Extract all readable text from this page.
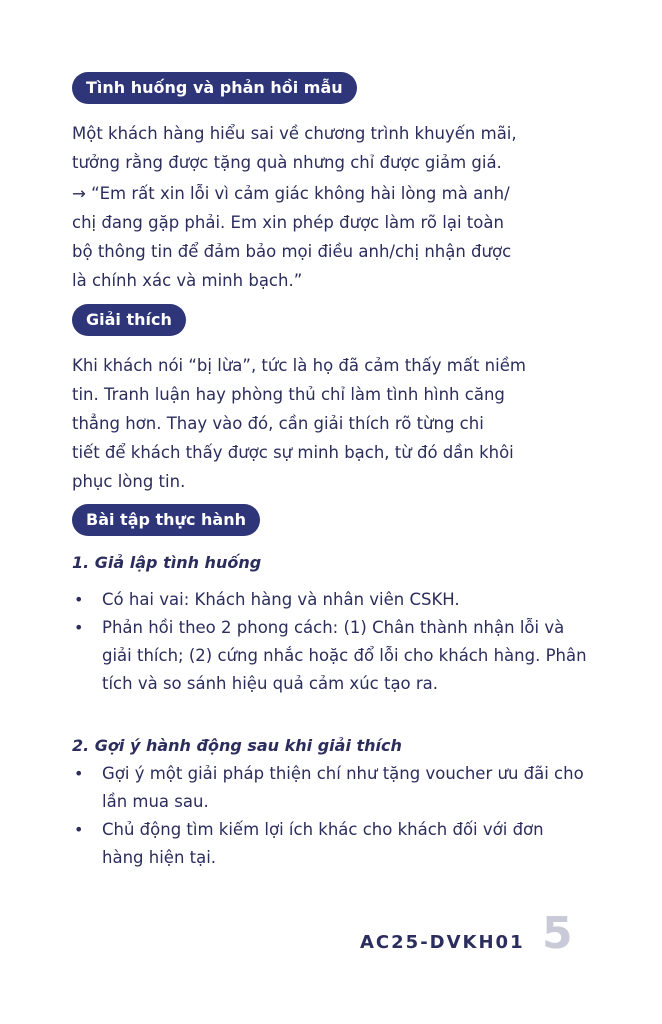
Tình huống và phản hồi mẫu

Một khách hàng hiểu sai về chương trình khuyến mãi,
tưởng rằng được tặng quà nhưng chỉ được giảm giá.

→ “Em rất xin lỗi vì cảm giác không hài lòng mà anh/
chị đang gặp phải. Em xin phép được làm rõ lại toàn
bộ thông tin để đảm bảo mọi điều anh/chị nhận được
là chính xác và minh bạch.”

Giải thích

Khi khách nói “bị lừa”, tức là họ đã cảm thấy mất niềm
tin. Tranh luận hay phòng thủ chỉ làm tình hình căng
thẳng hơn. Thay vào đó, cần giải thích rõ từng chi
tiết để khách thấy được sự minh bạch, từ đó dần khôi
phục lòng tin.

Bài tập thực hành

1. Giả lập tình huống

• Có hai vai: Khách hàng và nhân viên CSKH.
• Phản hồi theo 2 phong cách: (1) Chân thành nhận lỗi và giải thích; (2) cứng nhắc hoặc đổ lỗi cho khách hàng. Phân tích và so sánh hiệu quả cảm xúc tạo ra.

2. Gợi ý hành động sau khi giải thích

• Gợi ý một giải pháp thiện chí như tặng voucher ưu đãi cho lần mua sau.
• Chủ động tìm kiếm lợi ích khác cho khách đối với đơn hàng hiện tại.
AC25-DVKH01 5
